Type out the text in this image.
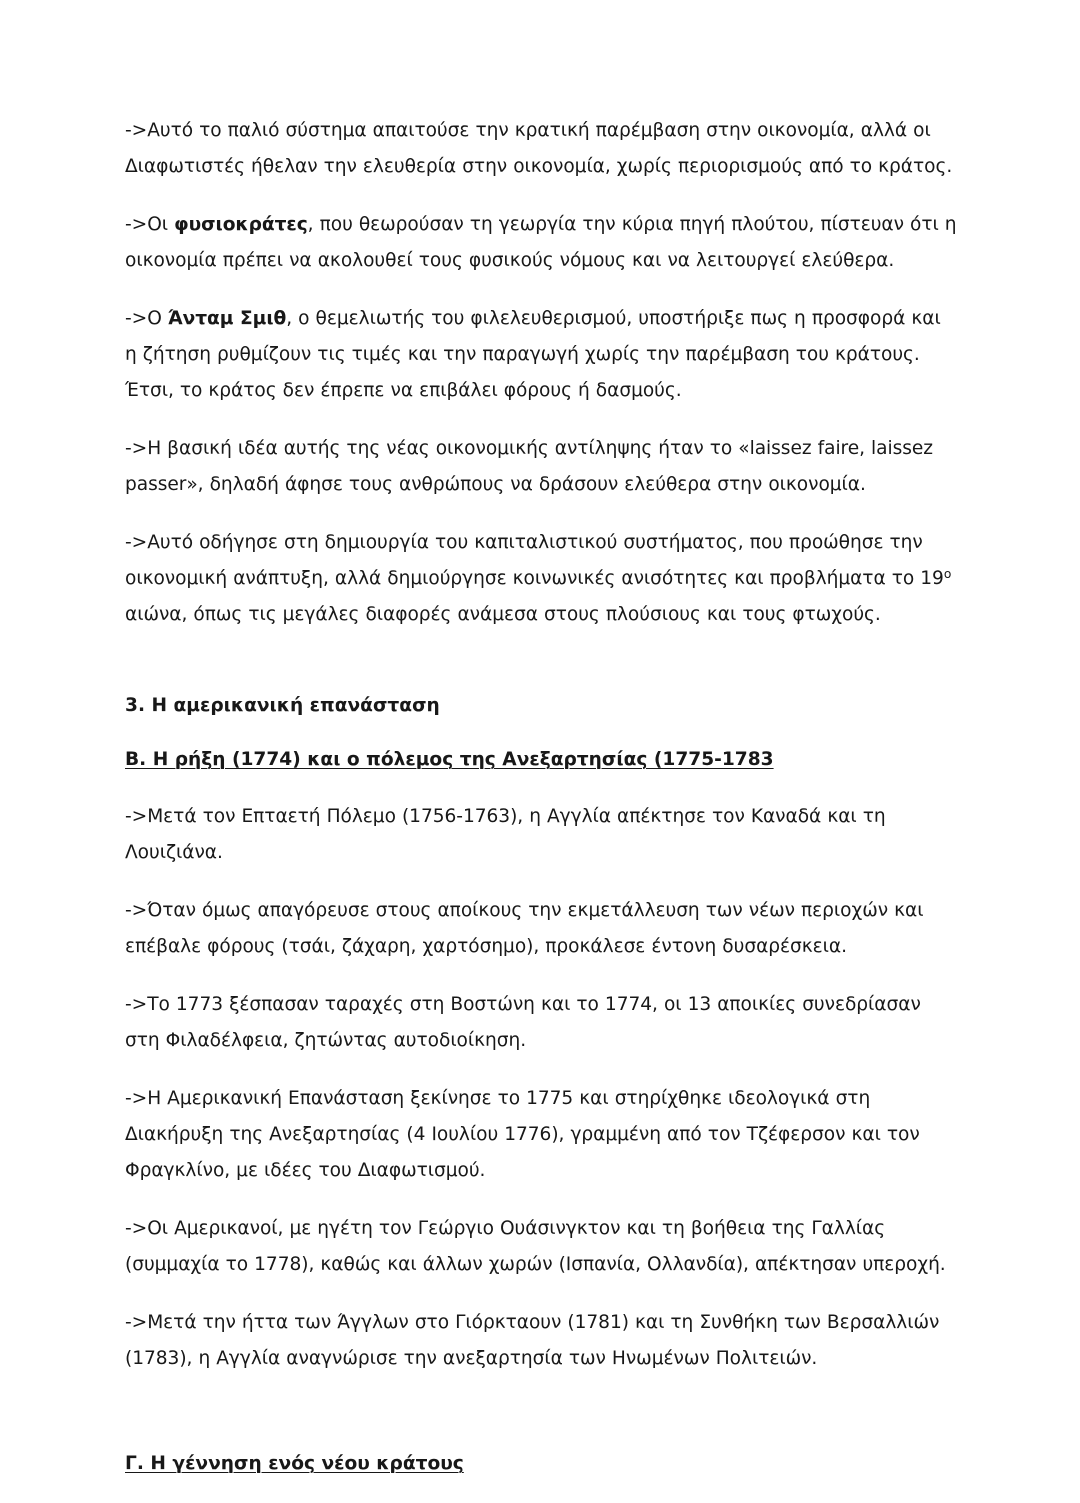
->Αυτό το παλιό σύστημα απαιτούσε την κρατική παρέμβαση στην οικονομία, αλλά οι Διαφωτιστές ήθελαν την ελευθερία στην οικονομία, χωρίς περιορισμούς από το κράτος.

->Οι φυσιοκράτες, που θεωρούσαν τη γεωργία την κύρια πηγή πλούτου, πίστευαν ότι η οικονομία πρέπει να ακολουθεί τους φυσικούς νόμους και να λειτουργεί ελεύθερα.

->Ο Άνταμ Σμιθ, ο θεμελιωτής του φιλελευθερισμού, υποστήριξε πως η προσφορά και η ζήτηση ρυθμίζουν τις τιμές και την παραγωγή χωρίς την παρέμβαση του κράτους. Έτσι, το κράτος δεν έπρεπε να επιβάλει φόρους ή δασμούς.

->Η βασική ιδέα αυτής της νέας οικονομικής αντίληψης ήταν το «laissez faire, laissez passer», δηλαδή άφησε τους ανθρώπους να δράσουν ελεύθερα στην οικονομία.

->Αυτό οδήγησε στη δημιουργία του καπιταλιστικού συστήματος, που προώθησε την οικονομική ανάπτυξη, αλλά δημιούργησε κοινωνικές ανισότητες και προβλήματα το $19^o$ αιώνα, όπως τις μεγάλες διαφορές ανάμεσα στους πλούσιους και τους φτωχούς.

3. Η αμερικανική επανάσταση
Β. Η ρήξη (1774) και ο πόλεμος της Ανεξαρτησίας (1775-1783

->Μετά τον Επταετή Πόλεμο (1756-1763), η Αγγλία απέκτησε τον Καναδά και τη Λουιζιάνα.

->Όταν όμως απαγόρευσε στους αποίκους την εκμετάλλευση των νέων περιοχών και επέβαλε φόρους (τσάι, ζάχαρη, χαρτόσημο), προκάλεσε έντονη δυσαρέσκεια.

->Το 1773 ξέσπασαν ταραχές στη Βοστώνη και το 1774, οι 13 αποικίες συνεδρίασαν στη Φιλαδέλφεια, ζητώντας αυτοδιοίκηση.

->Η Αμερικανική Επανάσταση ξεκίνησε το 1775 και στηρίχθηκε ιδεολογικά στη Διακήρυξη της Ανεξαρτησίας (4 Ιουλίου 1776), γραμμένη από τον Τζέφερσον και τον Φραγκλίνο, με ιδέες του Διαφωτισμού.

->Οι Αμερικανοί, με ηγέτη τον Γεώργιο Ουάσινγκτον και τη βοήθεια της Γαλλίας (συμμαχία το 1778), καθώς και άλλων χωρών (Ισπανία, Ολλανδία), απέκτησαν υπεροχή.

->Μετά την ήττα των Άγγλων στο Γιόρκταουν (1781) και τη Συνθήκη των Βερσαλλιών (1783), η Αγγλία αναγνώρισε την ανεξαρτησία των Ηνωμένων Πολιτειών.

Γ. Η γέννηση ενός νέου κράτους
